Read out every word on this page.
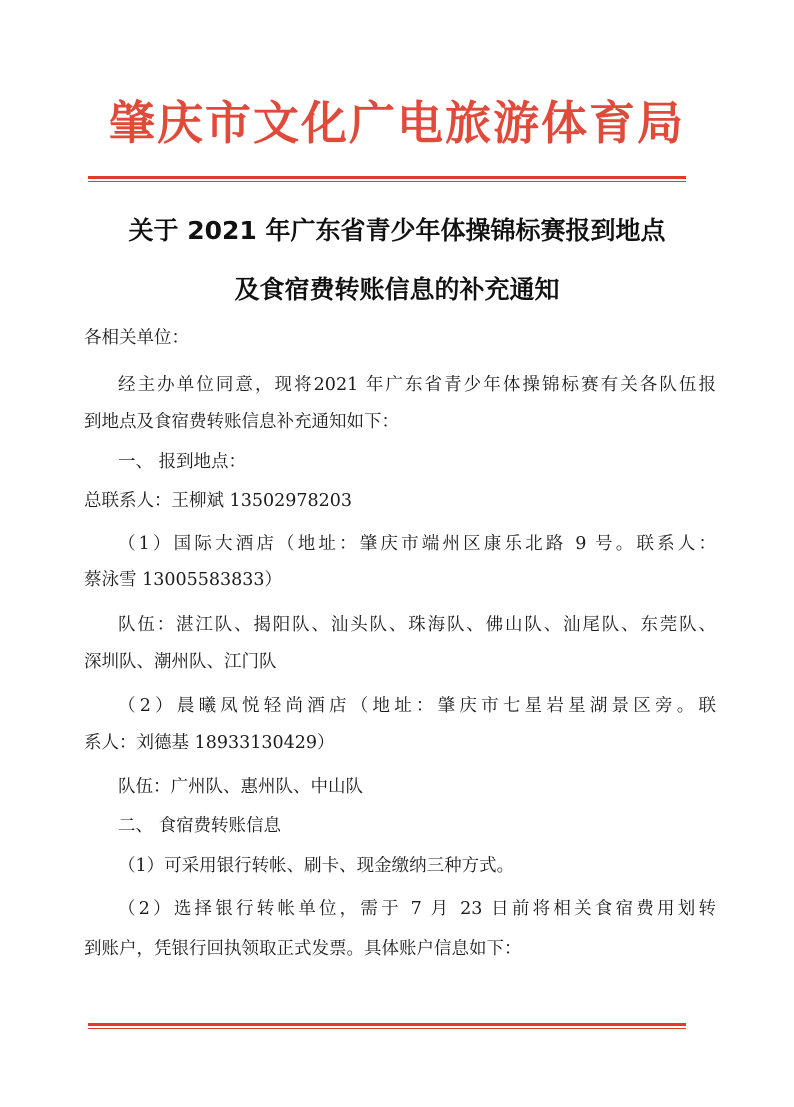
肇庆市文化广电旅游体育局
关于 2021 年广东省青少年体操锦标赛报到地点
及食宿费转账信息的补充通知
各相关单位：
经主办单位同意，现将2021 年广东省青少年体操锦标赛有关各队伍报
到地点及食宿费转账信息补充通知如下：
一、 报到地点：
总联系人：王柳斌 13502978203
（1）国际大酒店（地址：肇庆市端州区康乐北路 9 号。联系人：
蔡泳雪 13005583833）
队伍：湛江队、揭阳队、汕头队、珠海队、佛山队、汕尾队、东莞队、
深圳队、潮州队、江门队
（2）晨曦凤悦轻尚酒店（地址：肇庆市七星岩星湖景区旁。联
系人：刘德基 18933130429）
队伍：广州队、惠州队、中山队
二、 食宿费转账信息
（1）可采用银行转帐、刷卡、现金缴纳三种方式。
（2）选择银行转帐单位，需于 7 月 23 日前将相关食宿费用划转
到账户，凭银行回执领取正式发票。具体账户信息如下：
